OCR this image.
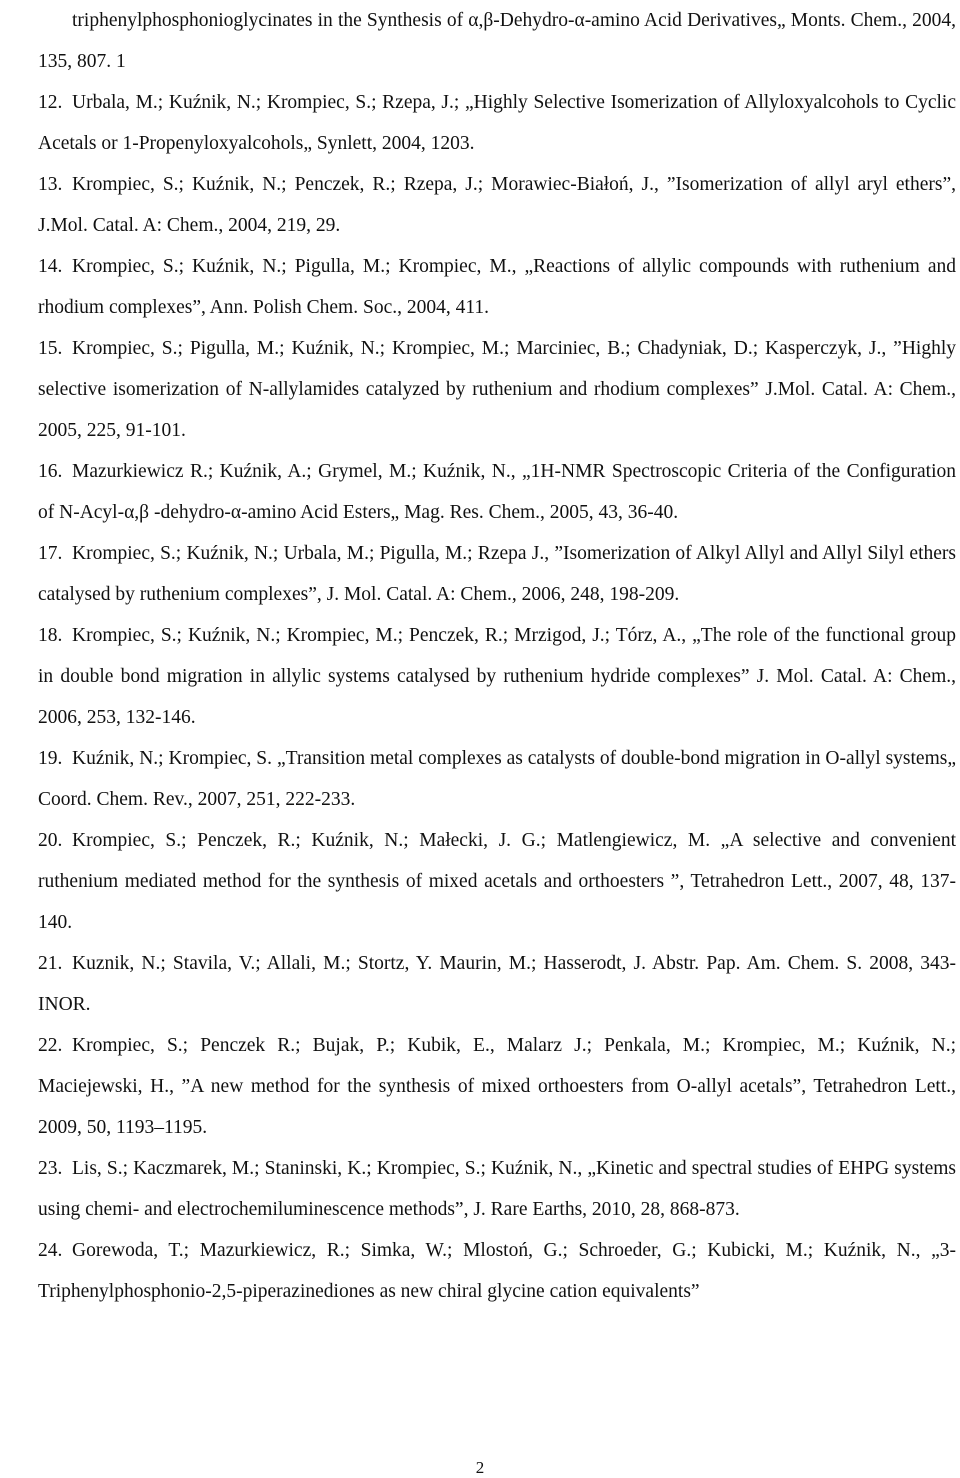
triphenylphosphonioglycinates in the Synthesis of α,β-Dehydro-α-amino Acid Derivatives„ Monts. Chem., 2004, 135, 807. 1
12. Urbala, M.; Kuźnik, N.; Krompiec, S.; Rzepa, J.; „Highly Selective Isomerization of Allyloxyalcohols to Cyclic Acetals or 1-Propenyloxyalcohols„ Synlett, 2004, 1203.
13. Krompiec, S.; Kuźnik, N.; Penczek, R.; Rzepa, J.; Morawiec-Białoń, J., ”Isomerization of allyl aryl ethers”, J.Mol. Catal. A: Chem., 2004, 219, 29.
14. Krompiec, S.; Kuźnik, N.; Pigulla, M.; Krompiec, M., „Reactions of allylic compounds with ruthenium and rhodium complexes”, Ann. Polish Chem. Soc., 2004, 411.
15. Krompiec, S.; Pigulla, M.; Kuźnik, N.; Krompiec, M.; Marciniec, B.; Chadyniak, D.; Kasperczyk, J., ”Highly selective isomerization of N-allylamides catalyzed by ruthenium and rhodium complexes” J.Mol. Catal. A: Chem., 2005, 225, 91-101.
16. Mazurkiewicz R.; Kuźnik, A.; Grymel, M.; Kuźnik, N., „1H-NMR Spectroscopic Criteria of the Configuration of N-Acyl-α,β -dehydro-α-amino Acid Esters„ Mag. Res. Chem., 2005, 43, 36-40.
17. Krompiec, S.; Kuźnik, N.; Urbala, M.; Pigulla, M.; Rzepa J., ”Isomerization of Alkyl Allyl and Allyl Silyl ethers catalysed by ruthenium complexes”, J. Mol. Catal. A: Chem., 2006, 248, 198-209.
18. Krompiec, S.; Kuźnik, N.; Krompiec, M.; Penczek, R.; Mrzigod, J.; Tórz, A., „The role of the functional group in double bond migration in allylic systems catalysed by ruthenium hydride complexes” J. Mol. Catal. A: Chem., 2006, 253, 132-146.
19. Kuźnik, N.; Krompiec, S. „Transition metal complexes as catalysts of double-bond migration in O-allyl systems„ Coord. Chem. Rev., 2007, 251, 222-233.
20. Krompiec, S.; Penczek, R.; Kuźnik, N.; Małecki, J. G.; Matlengiewicz, M. „A selective and convenient ruthenium mediated method for the synthesis of mixed acetals and orthoesters ”, Tetrahedron Lett., 2007, 48, 137-140.
21. Kuznik, N.; Stavila, V.; Allali, M.; Stortz, Y. Maurin, M.; Hasserodt, J. Abstr. Pap. Am. Chem. S. 2008, 343-INOR.
22. Krompiec, S.; Penczek R.; Bujak, P.; Kubik, E., Malarz J.; Penkala, M.; Krompiec, M.; Kuźnik, N.; Maciejewski, H., ”A new method for the synthesis of mixed orthoesters from O-allyl acetals”, Tetrahedron Lett., 2009, 50, 1193–1195.
23. Lis, S.; Kaczmarek, M.; Staninski, K.; Krompiec, S.; Kuźnik, N., „Kinetic and spectral studies of EHPG systems using chemi- and electrochemiluminescence methods”, J. Rare Earths, 2010, 28, 868-873.
24. Gorewoda, T.; Mazurkiewicz, R.; Simka, W.; Mlostoń, G.; Schroeder, G.; Kubicki, M.; Kuźnik, N., „3-Triphenylphosphonio-2,5-piperazinediones as new chiral glycine cation equivalents”
2
